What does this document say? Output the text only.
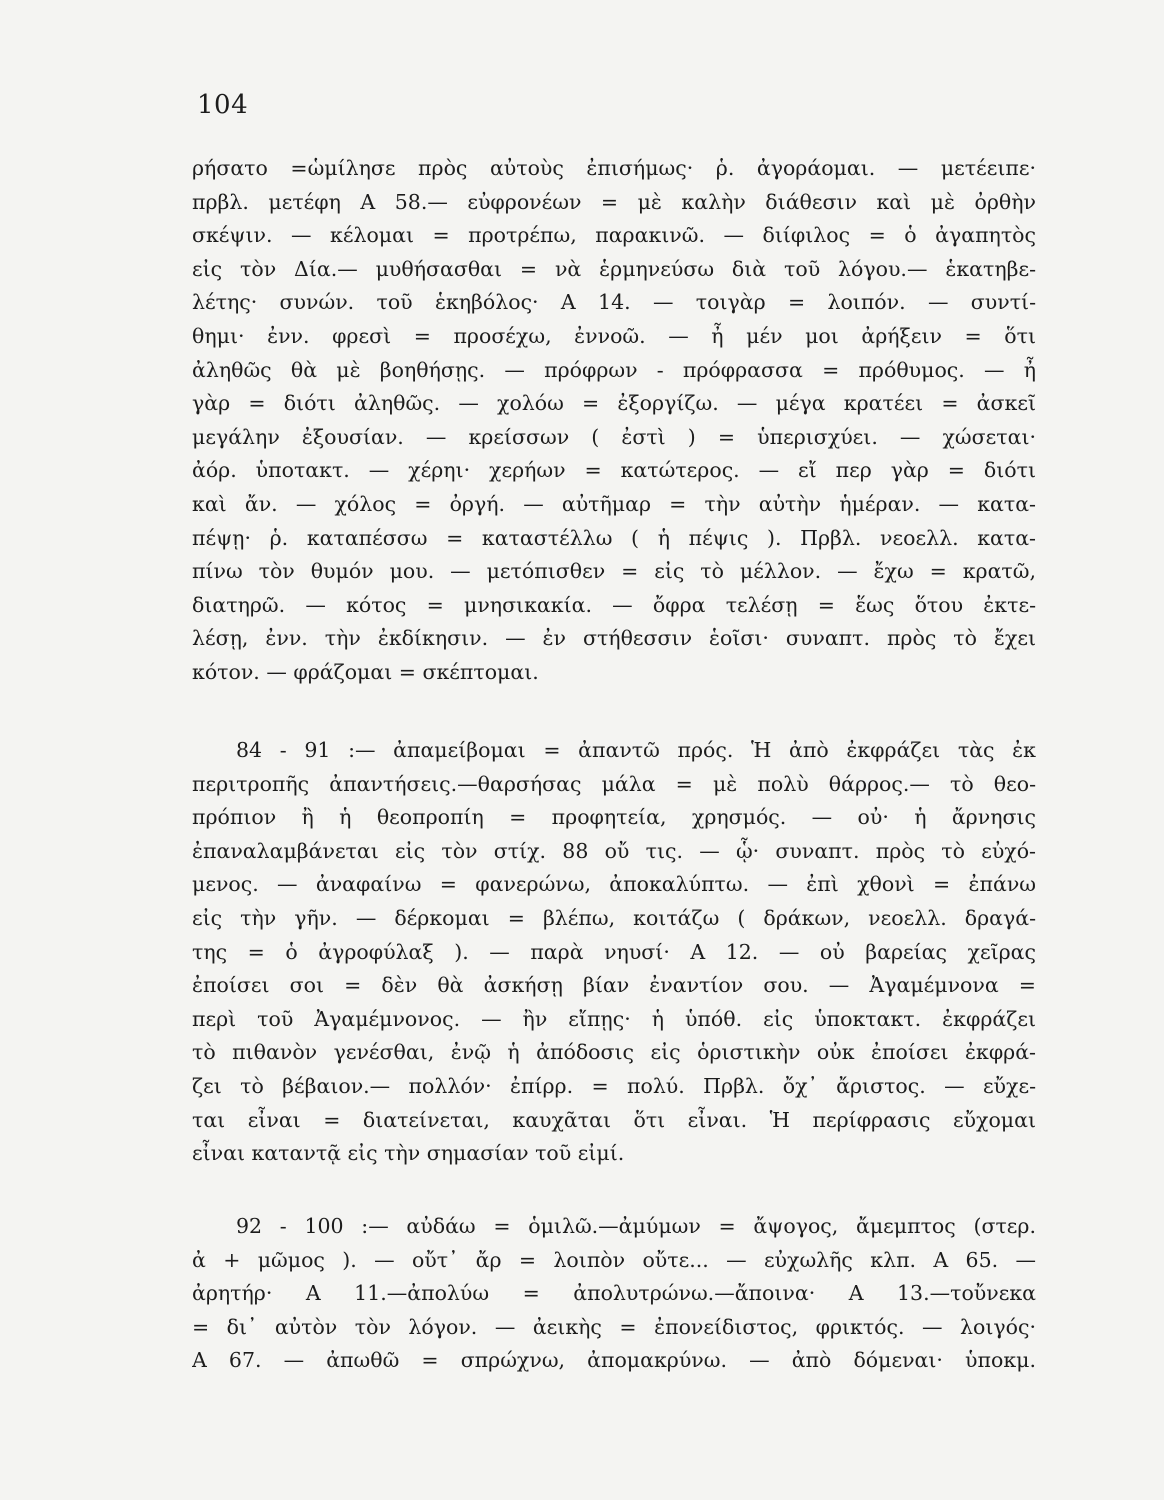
104
ρήσατο =ὡμίλησε πρὸς αὐτοὺς ἐπισήμως· ῥ. ἀγοράομαι. — μετέειπε·
πρβλ. μετέφη Α 58.— εὐφρονέων = μὲ καλὴν διάθεσιν καὶ μὲ ὀρθὴν
σκέψιν. — κέλομαι = προτρέπω, παρακινῶ. — διίφιλος = ὁ ἀγαπητὸς
εἰς τὸν Δία.— μυθήσασθαι = νὰ ἑρμηνεύσω διὰ τοῦ λόγου.— ἑκατηβε-
λέτης· συνών. τοῦ ἑκηβόλος· Α 14. — τοιγὰρ = λοιπόν. — συντί-
θημι· ἐνν. φρεσὶ = προσέχω, ἐννοῶ. — ἦ μέν μοι ἀρήξειν = ὅτι
ἀληθῶς θὰ μὲ βοηθήσῃς. — πρόφρων - πρόφρασσα = πρόθυμος. — ἦ
γὰρ = διότι ἀληθῶς. — χολόω = ἐξοργίζω. — μέγα κρατέει = ἀσκεῖ
μεγάλην ἐξουσίαν. — κρείσσων ( ἐστὶ ) = ὑπερισχύει. — χώσεται·
ἀόρ. ὑποτακτ. — χέρηι· χερήων = κατώτερος. — εἴ περ γὰρ = διότι
καὶ ἄν. — χόλος = ὀργή. — αὐτῆμαρ = τὴν αὐτὴν ἡμέραν. — κατα-
πέψῃ· ῥ. καταπέσσω = καταστέλλω ( ἡ πέψις ). Πρβλ. νεοελλ. κατα-
πίνω τὸν θυμόν μου. — μετόπισθεν = εἰς τὸ μέλλον. — ἔχω = κρατῶ,
διατηρῶ. — κότος = μνησικακία. — ὄφρα τελέσῃ = ἕως ὅτου ἐκτε-
λέσῃ, ἐνν. τὴν ἐκδίκησιν. — ἐν στήθεσσιν ἑοῖσι· συναπτ. πρὸς τὸ ἔχει
κότον. — φράζομαι = σκέπτομαι.
84 - 91 :— ἀπαμείβομαι = ἀπαντῶ πρός. Ἡ ἀπὸ ἐκφράζει τὰς ἐκ
περιτροπῆς ἀπαντήσεις.—θαρσήσας μάλα = μὲ πολὺ θάρρος.— τὸ θεο-
πρόπιον ἢ ἡ θεοπροπίη = προφητεία, χρησμός. — οὐ· ἡ ἄρνησις
ἐπαναλαμβάνεται εἰς τὸν στίχ. 88 οὔ τις. — ᾧ· συναπτ. πρὸς τὸ εὐχό-
μενος. — ἀναφαίνω = φανερώνω, ἀποκαλύπτω. — ἐπὶ χθονὶ = ἐπάνω
εἰς τὴν γῆν. — δέρκομαι = βλέπω, κοιτάζω ( δράκων, νεοελλ. δραγά-
της = ὁ ἀγροφύλαξ ). — παρὰ νηυσί· Α 12. — οὐ βαρείας χεῖρας
ἐποίσει σοι = δὲν θὰ ἀσκήσῃ βίαν ἐναντίον σου. — Ἀγαμέμνονα =
περὶ τοῦ Ἀγαμέμνονος. — ἢν εἴπῃς· ἡ ὑπόθ. εἰς ὑποκτακτ. ἐκφράζει
τὸ πιθανὸν γενέσθαι, ἐνῷ ἡ ἀπόδοσις εἰς ὁριστικὴν οὐκ ἐποίσει ἐκφρά-
ζει τὸ βέβαιον.— πολλόν· ἐπίρρ. = πολύ. Πρβλ. ὄχ᾽ ἄριστος. — εὔχε-
ται εἶναι = διατείνεται, καυχᾶται ὅτι εἶναι. Ἡ περίφρασις εὔχομαι
εἶναι καταντᾷ εἰς τὴν σημασίαν τοῦ εἰμί.
92 - 100 :— αὐδάω = ὁμιλῶ.—ἀμύμων = ἄψογος, ἄμεμπτος (στερ.
ἀ + μῶμος ). — οὔτ᾽ ἄρ = λοιπὸν οὔτε... — εὐχωλῆς κλπ. Α 65. —
ἀρητήρ· Α 11.—ἀπολύω = ἀπολυτρώνω.—ἄποινα· Α 13.—τοὔνεκα
= δι᾽ αὐτὸν τὸν λόγον. — ἀεικὴς = ἐπονείδιστος, φρικτός. — λοιγός·
Α 67. — ἀπωθῶ = σπρώχνω, ἀπομακρύνω. — ἀπὸ δόμεναι· ὑποκμ.
